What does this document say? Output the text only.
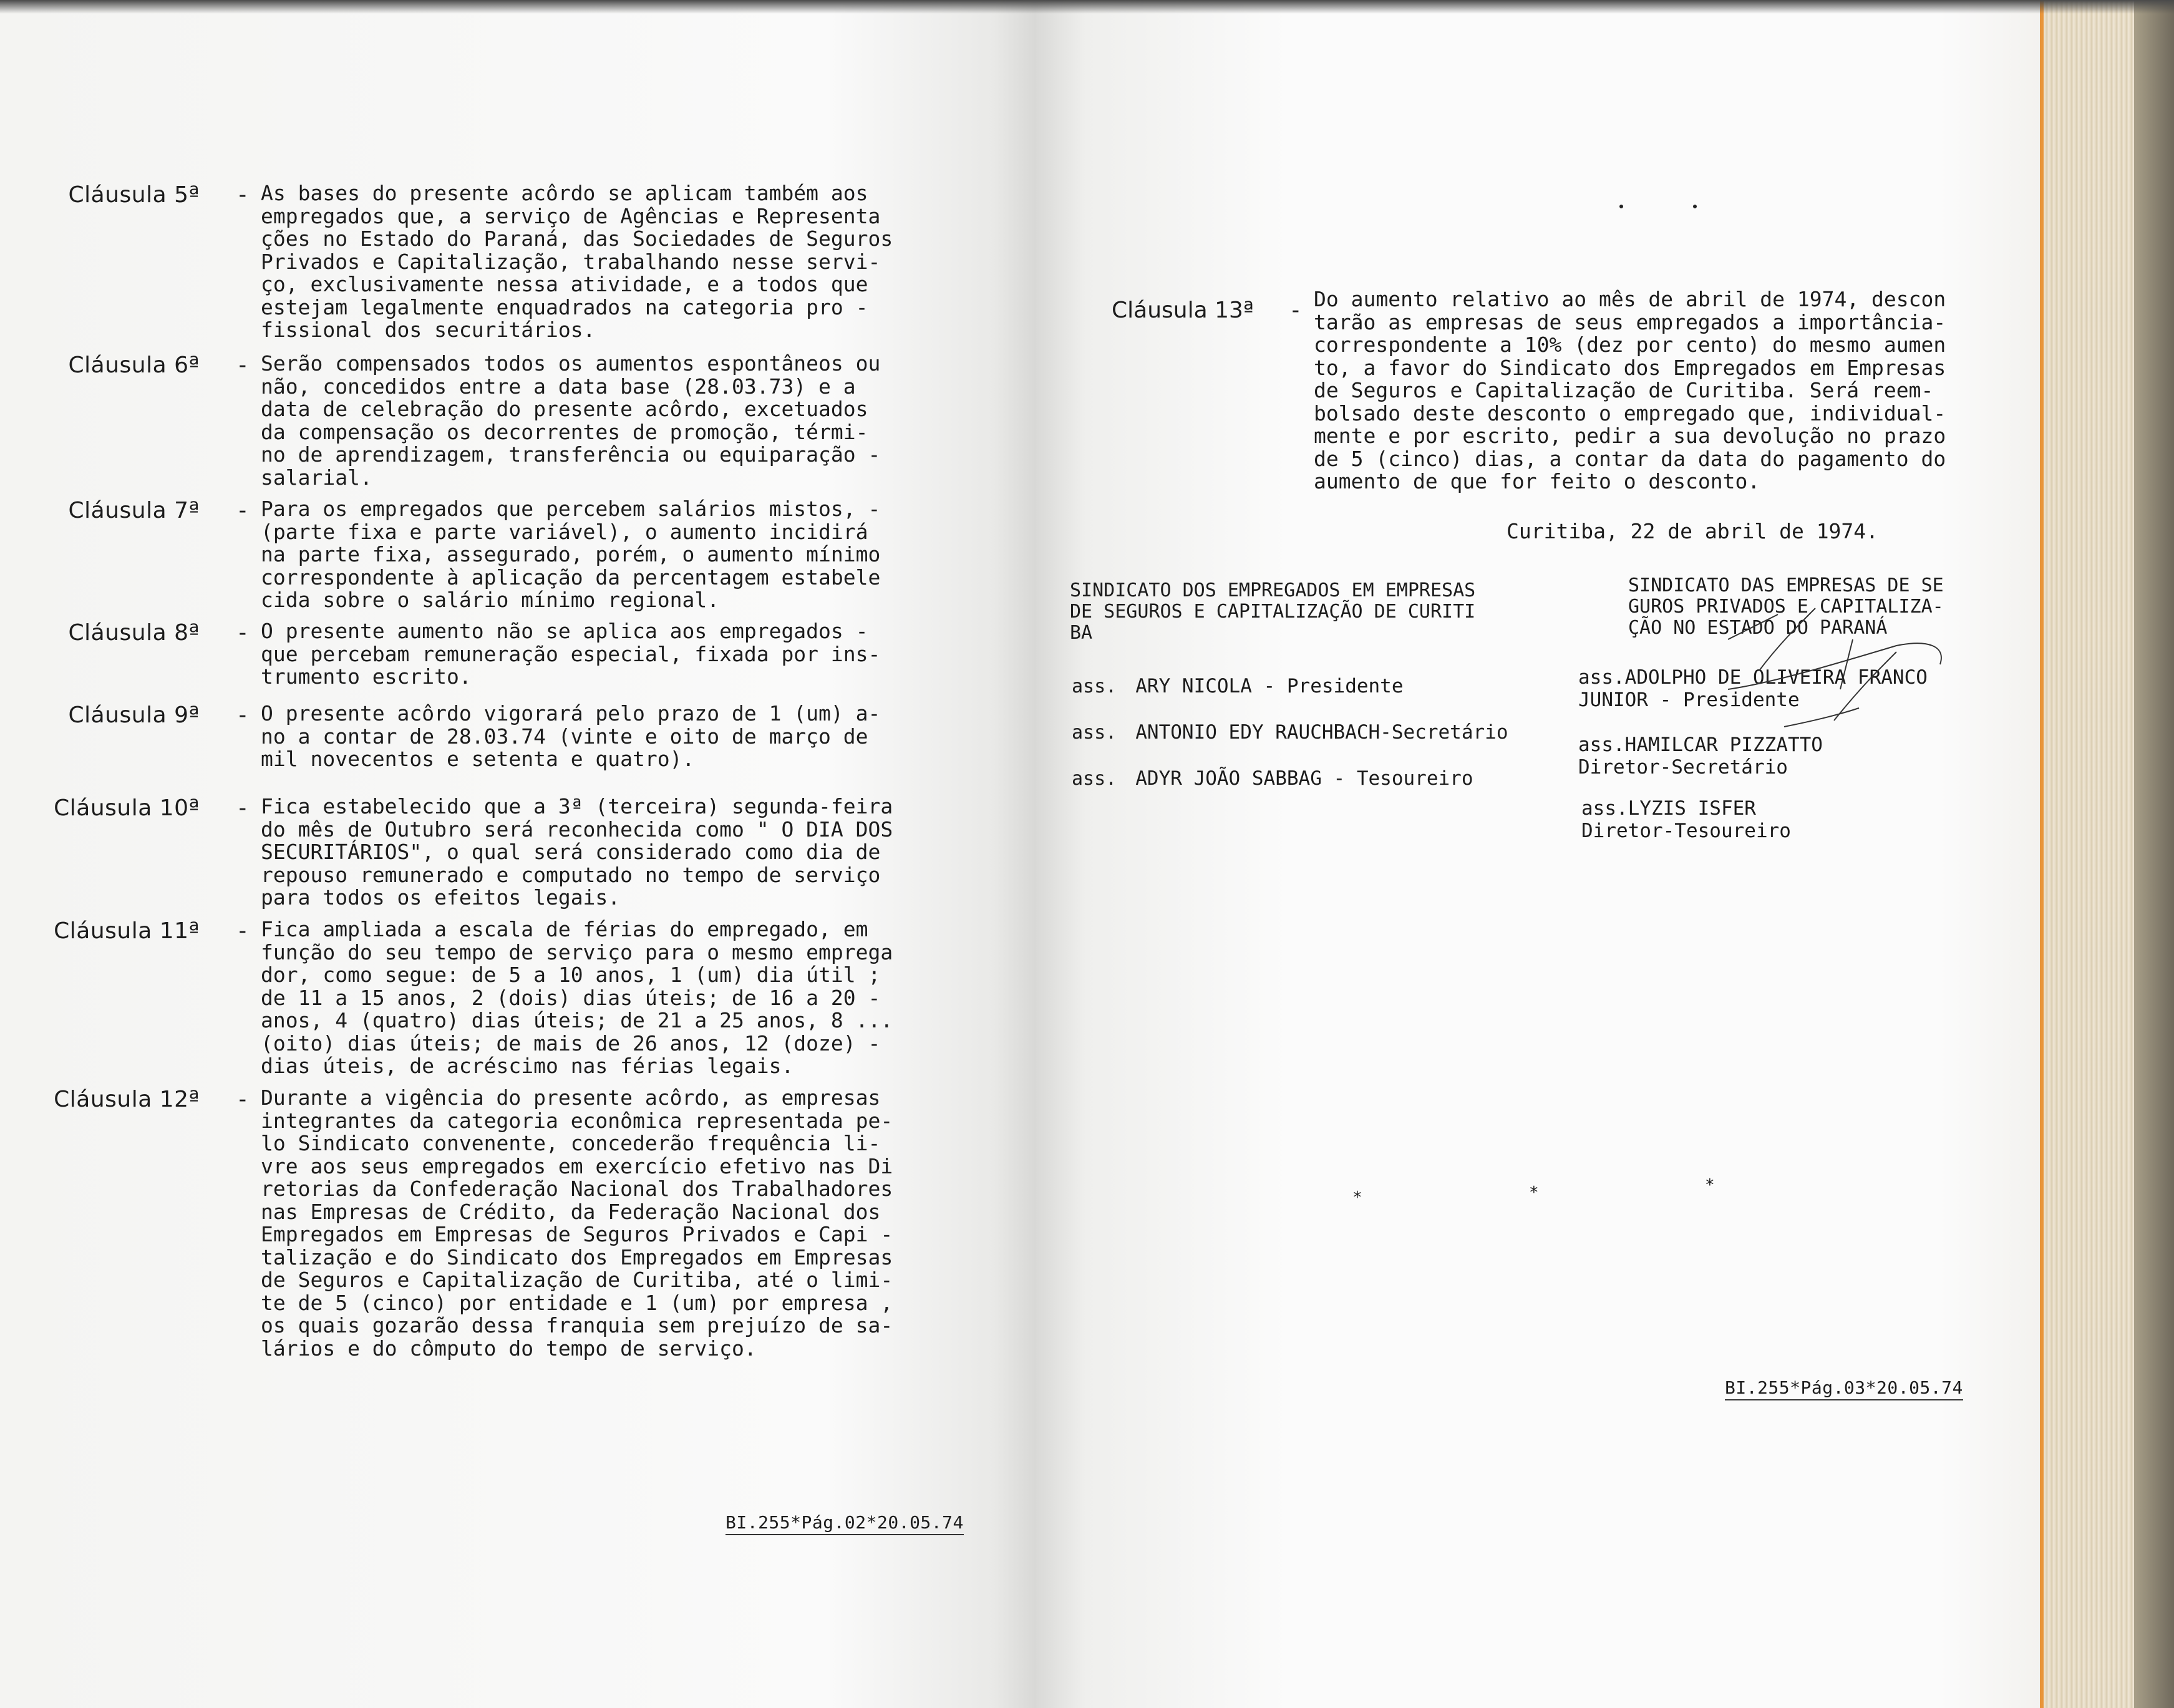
Cláusula 5ª - As bases do presente acôrdo se aplicam também aos
empregados que, a serviço de Agências e Representa
ções no Estado do Paraná, das Sociedades de Seguros
Privados e Capitalização, trabalhando nesse servi-
ço, exclusivamente nessa atividade, e a todos que
estejam legalmente enquadrados na categoria pro -
fissional dos securitários.
Cláusula 6ª - Serão compensados todos os aumentos espontâneos ou
não, concedidos entre a data base (28.03.73) e a
data de celebração do presente acôrdo, excetuados
da compensação os decorrentes de promoção, térmi-
no de aprendizagem, transferência ou equiparação -
salarial.
Cláusula 7ª - Para os empregados que percebem salários mistos, -
(parte fixa e parte variável), o aumento incidirá
na parte fixa, assegurado, porém, o aumento mínimo
correspondente à aplicação da percentagem estabele
cida sobre o salário mínimo regional.
Cláusula 8ª - O presente aumento não se aplica aos empregados -
que percebam remuneração especial, fixada por ins-
trumento escrito.
Cláusula 9ª - O presente acôrdo vigorará pelo prazo de 1 (um) a-
no a contar de 28.03.74 (vinte e oito de março de
mil novecentos e setenta e quatro).
Cláusula 10ª - Fica estabelecido que a 3ª (terceira) segunda-feira
do mês de Outubro será reconhecida como " O DIA DOS
SECURITÁRIOS", o qual será considerado como dia de
repouso remunerado e computado no tempo de serviço
para todos os efeitos legais.
Cláusula 11ª - Fica ampliada a escala de férias do empregado, em
função do seu tempo de serviço para o mesmo emprega
dor, como segue: de 5 a 10 anos, 1 (um) dia útil ;
de 11 a 15 anos, 2 (dois) dias úteis; de 16 a 20 -
anos, 4 (quatro) dias úteis; de 21 a 25 anos, 8 ...
(oito) dias úteis; de mais de 26 anos, 12 (doze) -
dias úteis, de acréscimo nas férias legais.
Cláusula 12ª - Durante a vigência do presente acôrdo, as empresas
integrantes da categoria econômica representada pe-
lo Sindicato convenente, concederão frequência li-
vre aos seus empregados em exercício efetivo nas Di
retorias da Confederação Nacional dos Trabalhadores
nas Empresas de Crédito, da Federação Nacional dos
Empregados em Empresas de Seguros Privados e Capi -
talização e do Sindicato dos Empregados em Empresas
de Seguros e Capitalização de Curitiba, até o limi-
te de 5 (cinco) por entidade e 1 (um) por empresa ,
os quais gozarão dessa franquia sem prejuízo de sa-
lários e do cômputo do tempo de serviço.
BI.255*Pág.02*20.05.74
Cláusula 13ª - Do aumento relativo ao mês de abril de 1974, descon
tarão as empresas de seus empregados a importância-
correspondente a 10% (dez por cento) do mesmo aumen
to, a favor do Sindicato dos Empregados em Empresas
de Seguros e Capitalização de Curitiba. Será reem-
bolsado deste desconto o empregado que, individual-
mente e por escrito, pedir a sua devolução no prazo
de 5 (cinco) dias, a contar da data do pagamento do
aumento de que for feito o desconto.
Curitiba, 22 de abril de 1974.
SINDICATO DOS EMPREGADOS EM EMPRESAS
DE SEGUROS E CAPITALIZAÇÃO DE CURITI
BA
SINDICATO DAS EMPRESAS DE SE
GUROS PRIVADOS E CAPITALIZA-
ÇÃO NO ESTADO DO PARANÁ
ass. ARY NICOLA - Presidente
ass. ANTONIO EDY RAUCHBACH-Secretário
ass. ADYR JOÃO SABBAG - Tesoureiro
ass.ADOLPHO DE OLIVEIRA FRANCO
JUNIOR - Presidente
ass.HAMILCAR PIZZATTO
Diretor-Secretário
ass.LYZIS ISFER
Diretor-Tesoureiro
*	*	*
BI.255*Pág.03*20.05.74
